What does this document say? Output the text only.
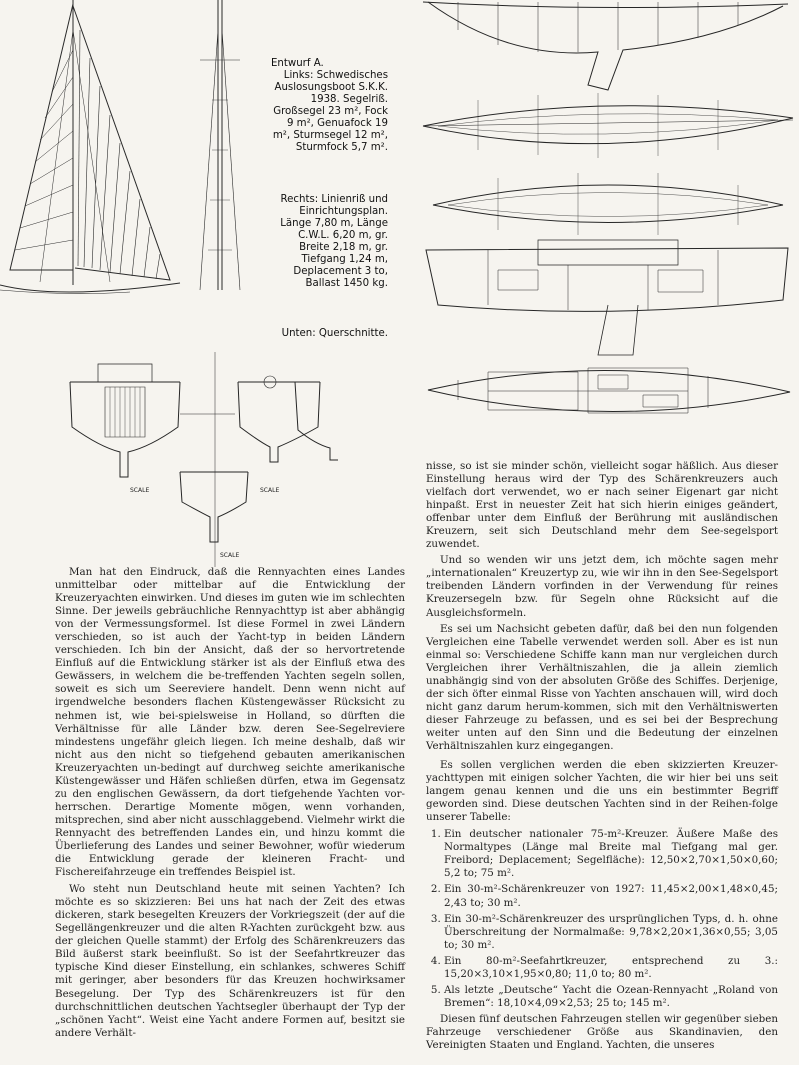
Entwurf A.

Links: Schwedisches Auslosungsboot S.K.K. 1938. Segelriß. Großsegel 23 m², Fock 9 m², Genuafock 19 m², Sturmsegel 12 m², Sturmfock 5,7 m².

Rechts: Linienriß und Einrichtungsplan. Länge 7,80 m, Länge C.W.L. 6,20 m, gr. Breite 2,18 m, gr. Tiefgang 1,24 m, Deplacement 3 to, Ballast 1450 kg.

Unten: Querschnitte.

SCALE	SCALE
SCALE

Man hat den Eindruck, daß die Rennyachten eines Landes unmittelbar oder mittelbar auf die Entwicklung der Kreuzeryachten einwirken. Und dieses im guten wie im schlechten Sinne. Der jeweils gebräuchliche Rennyachttyp ist aber abhängig von der Vermessungsformel. Ist diese Formel in zwei Ländern verschieden, so ist auch der Yacht-typ in beiden Ländern verschieden. Ich bin der Ansicht, daß der so hervortretende Einfluß auf die Entwicklung stärker ist als der Einfluß etwa des Gewässers, in welchem die be-treffenden Yachten segeln sollen, soweit es sich um Seereviere handelt. Denn wenn nicht auf irgendwelche besonders flachen Küstengewässer Rücksicht zu nehmen ist, wie bei-spielsweise in Holland, so dürften die Verhältnisse für alle Länder bzw. deren See-Segelreviere mindestens ungefähr gleich liegen. Ich meine deshalb, daß wir nicht aus den nicht so tiefgehend gebauten amerikanischen Kreuzeryachten un-bedingt auf durchweg seichte amerikanische Küstengewässer und Häfen schließen dürfen, etwa im Gegensatz zu den englischen Gewässern, da dort tiefgehende Yachten vor-herrschen. Derartige Momente mögen, wenn vorhanden, mitsprechen, sind aber nicht ausschlaggebend. Vielmehr wirkt die Rennyacht des betreffenden Landes ein, und hinzu kommt die Überlieferung des Landes und seiner Bewohner, wofür wiederum die Entwicklung gerade der kleineren Fracht- und Fischereifahrzeuge ein treffendes Beispiel ist.

Wo steht nun Deutschland heute mit seinen Yachten? Ich möchte es so skizzieren: Bei uns hat nach der Zeit des etwas dickeren, stark besegelten Kreuzers der Vorkriegszeit (der auf die Segellängenkreuzer und die alten R-Yachten zurückgeht bzw. aus der gleichen Quelle stammt) der Erfolg des Schärenkreuzers das Bild äußerst stark beeinflußt. So ist der Seefahrtkreuzer das typische Kind dieser Einstellung, ein schlankes, schweres Schiff mit geringer, aber besonders für das Kreuzen hochwirksamer Besegelung. Der Typ des Schärenkreuzers ist für den durchschnittlichen deutschen Yachtsegler überhaupt der Typ der „schönen Yacht“. Weist eine Yacht andere Formen auf, besitzt sie andere Verhält-

nisse, so ist sie minder schön, vielleicht sogar häßlich. Aus dieser Einstellung heraus wird der Typ des Schärenkreuzers auch vielfach dort verwendet, wo er nach seiner Eigenart gar nicht hinpaßt. Erst in neuester Zeit hat sich hierin einiges geändert, offenbar unter dem Einfluß der Berührung mit ausländischen Kreuzern, seit sich Deutschland mehr dem See-segelsport zuwendet.

Und so wenden wir uns jetzt dem, ich möchte sagen mehr „internationalen“ Kreuzertyp zu, wie wir ihn in den See-Segelsport treibenden Ländern vorfinden in der Verwendung für reines Kreuzersegeln bzw. für Segeln ohne Rücksicht auf die Ausgleichsformeln.

Es sei um Nachsicht gebeten dafür, daß bei den nun folgenden Vergleichen eine Tabelle verwendet werden soll. Aber es ist nun einmal so: Verschiedene Schiffe kann man nur vergleichen durch Vergleichen ihrer Verhältniszahlen, die ja allein ziemlich unabhängig sind von der absoluten Größe des Schiffes. Derjenige, der sich öfter einmal Risse von Yachten anschauen will, wird doch nicht ganz darum herum-kommen, sich mit den Verhältniswerten dieser Fahrzeuge zu befassen, und es sei bei der Besprechung weiter unten auf den Sinn und die Bedeutung der einzelnen Verhältniszahlen kurz eingegangen.

Es sollen verglichen werden die eben skizzierten Kreuzer-yachttypen mit einigen solcher Yachten, die wir hier bei uns seit langem genau kennen und die uns ein bestimmter Begriff geworden sind. Diese deutschen Yachten sind in der Reihen-folge unserer Tabelle:

1. Ein deutscher nationaler 75-m²-Kreuzer. Äußere Maße des Normaltypes (Länge mal Breite mal Tiefgang mal ger. Freibord; Deplacement; Segelfläche): 12,50×2,70×1,50×0,60; 5,2 to; 75 m².
2. Ein 30-m²-Schärenkreuzer von 1927: 11,45×2,00×1,48×0,45; 2,43 to; 30 m².
3. Ein 30-m²-Schärenkreuzer des ursprünglichen Typs, d. h. ohne Überschreitung der Normalmaße: 9,78×2,20×1,36×0,55; 3,05 to; 30 m².
4. Ein 80-m²-Seefahrtkreuzer, entsprechend zu 3.: 15,20×3,10×1,95×0,80; 11,0 to; 80 m².
5. Als letzte „Deutsche“ Yacht die Ozean-Rennyacht „Roland von Bremen“: 18,10×4,09×2,53; 25 to; 145 m².

Diesen fünf deutschen Fahrzeugen stellen wir gegenüber sieben Fahrzeuge verschiedener Größe aus Skandinavien, den Vereinigten Staaten und England. Yachten, die unseres
